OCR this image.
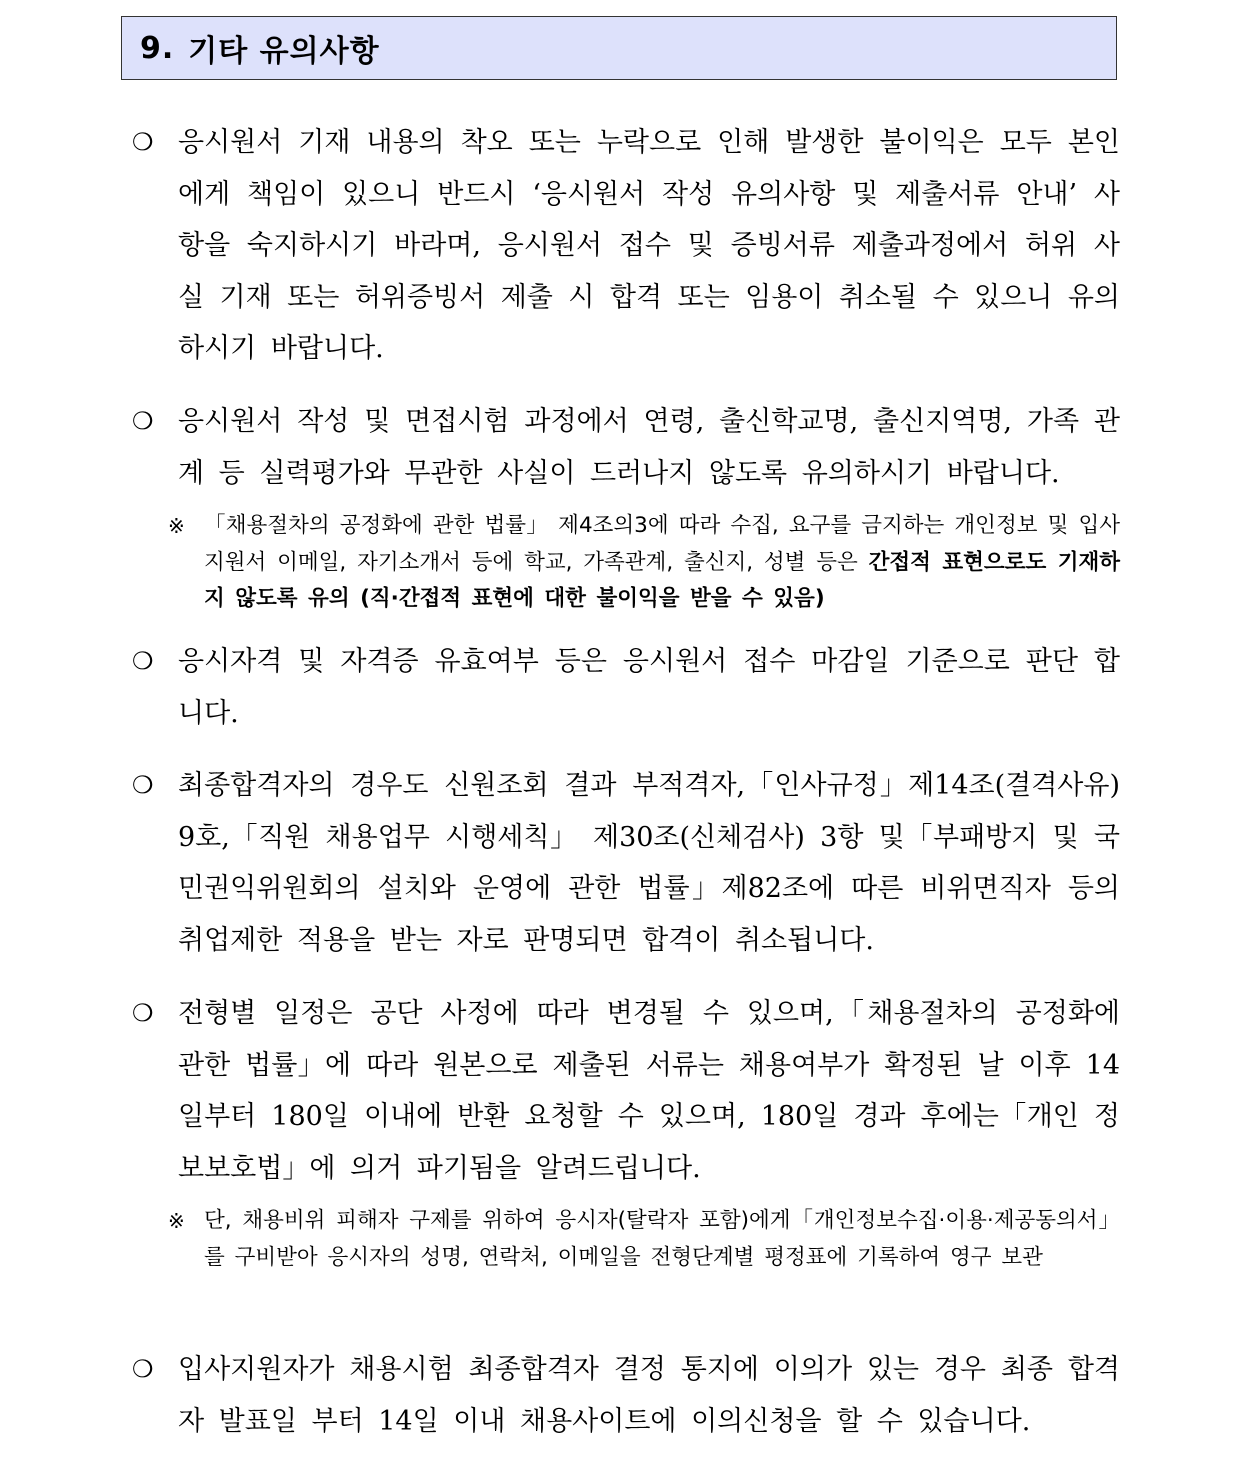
9. 기타 유의사항
❍ 응시원서 기재 내용의 착오 또는 누락으로 인해 발생한 불이익은 모두 본인에게 책임이 있으니 반드시 ‘응시원서 작성 유의사항 및 제출서류 안내’ 사항을 숙지하시기 바라며, 응시원서 접수 및 증빙서류 제출과정에서 허위 사실 기재 또는 허위증빙서 제출 시 합격 또는 임용이 취소될 수 있으니 유의하시기 바랍니다.
❍ 응시원서 작성 및 면접시험 과정에서 연령, 출신학교명, 출신지역명, 가족 관계 등 실력평가와 무관한 사실이 드러나지 않도록 유의하시기 바랍니다.
※ 「채용절차의 공정화에 관한 법률」 제4조의3에 따라 수집, 요구를 금지하는 개인정보 및 입사지원서 이메일, 자기소개서 등에 학교, 가족관계, 출신지, 성별 등은 간접적 표현으로도 기재하지 않도록 유의 (직·간접적 표현에 대한 불이익을 받을 수 있음)
❍ 응시자격 및 자격증 유효여부 등은 응시원서 접수 마감일 기준으로 판단 합니다.
❍ 최종합격자의 경우도 신원조회 결과 부적격자,「인사규정」제14조(결격사유) 9호,「직원 채용업무 시행세칙」 제30조(신체검사) 3항 및「부패방지 및 국민권익위원회의 설치와 운영에 관한 법률」제82조에 따른 비위면직자 등의 취업제한 적용을 받는 자로 판명되면 합격이 취소됩니다.
❍ 전형별 일정은 공단 사정에 따라 변경될 수 있으며,「채용절차의 공정화에 관한 법률」에 따라 원본으로 제출된 서류는 채용여부가 확정된 날 이후 14일부터 180일 이내에 반환 요청할 수 있으며, 180일 경과 후에는「개인 정보보호법」에 의거 파기됨을 알려드립니다.
※ 단, 채용비위 피해자 구제를 위하여 응시자(탈락자 포함)에게「개인정보수집·이용·제공동의서」를 구비받아 응시자의 성명, 연락처, 이메일을 전형단계별 평정표에 기록하여 영구 보관
❍ 입사지원자가 채용시험 최종합격자 결정 통지에 이의가 있는 경우 최종 합격자 발표일 부터 14일 이내 채용사이트에 이의신청을 할 수 있습니다.
